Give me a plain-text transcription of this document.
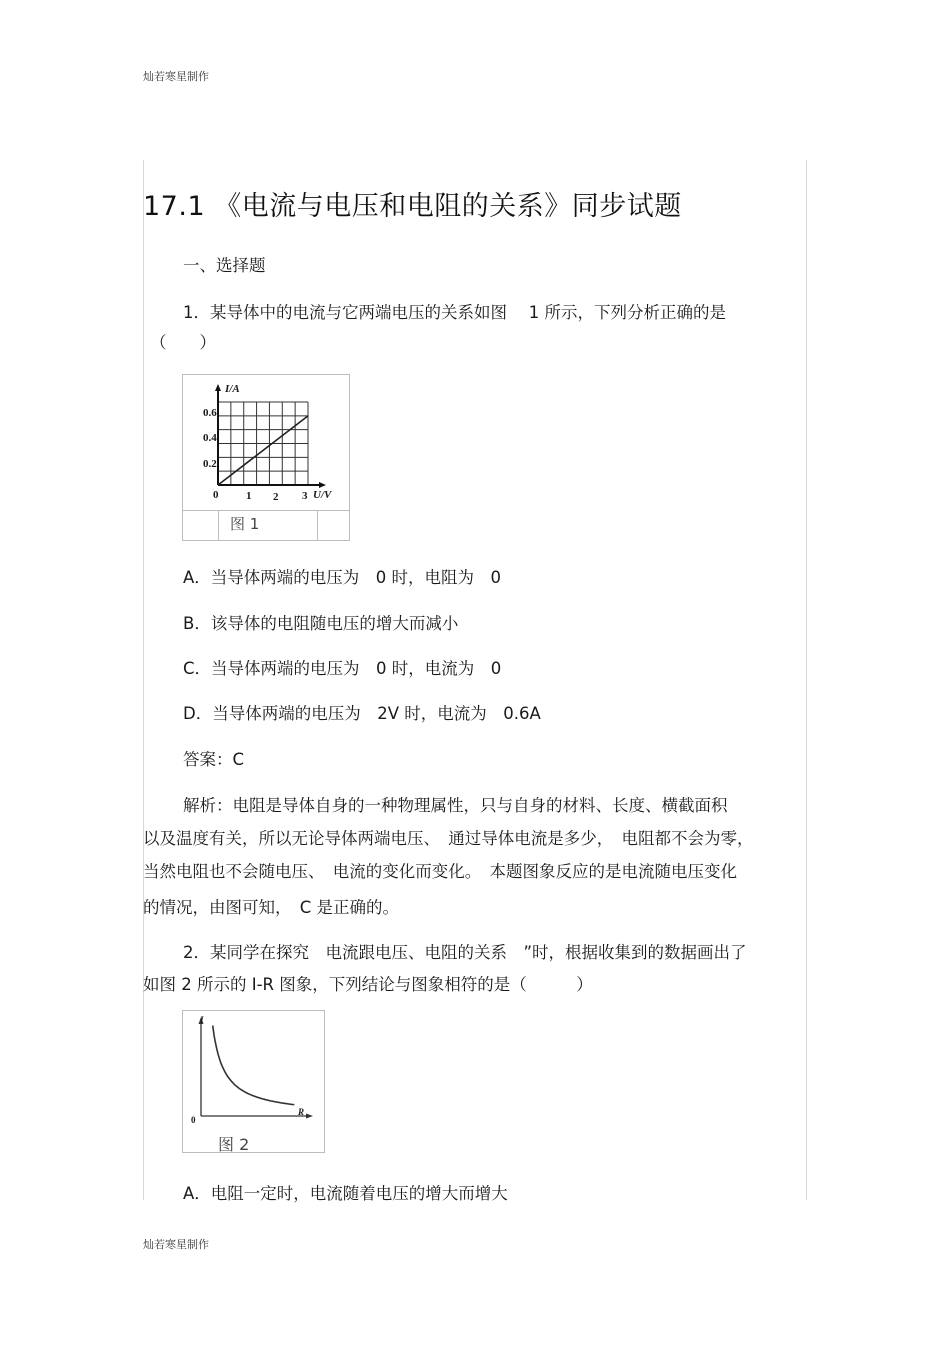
灿若寒星制作
灿若寒星制作
17.1 《电流与电压和电阻的关系》同步试题
一、选择题
1．某导体中的电流与它两端电压的关系如图　 1 所示，下列分析正确的是
（　　）
I/A
U/V
0.6
0.4
0.2
0	1 2 3
图 1
A．当导体两端的电压为　0 时，电阻为　0
B．该导体的电阻随电压的增大而减小
C．当导体两端的电压为　0 时，电流为　0
D．当导体两端的电压为　2V 时，电流为　0.6A
答案：C
解析：电阻是导体自身的一种物理属性，只与自身的材料、长度、横截面积
以及温度有关，所以无论导体两端电压、　通过导体电流是多少，　电阻都不会为零，
当然电阻也不会随电压、　电流的变化而变化。　本题图象反应的是电流随电压变化
的情况，由图可知，　C 是正确的。
2．某同学在探究　电流跟电压、电阻的关系　”时，根据收集到的数据画出了
如图 2 所示的 I-R 图象，下列结论与图象相符的是（　　　）
I
R
0
图 2
A．电阻一定时，电流随着电压的增大而增大
